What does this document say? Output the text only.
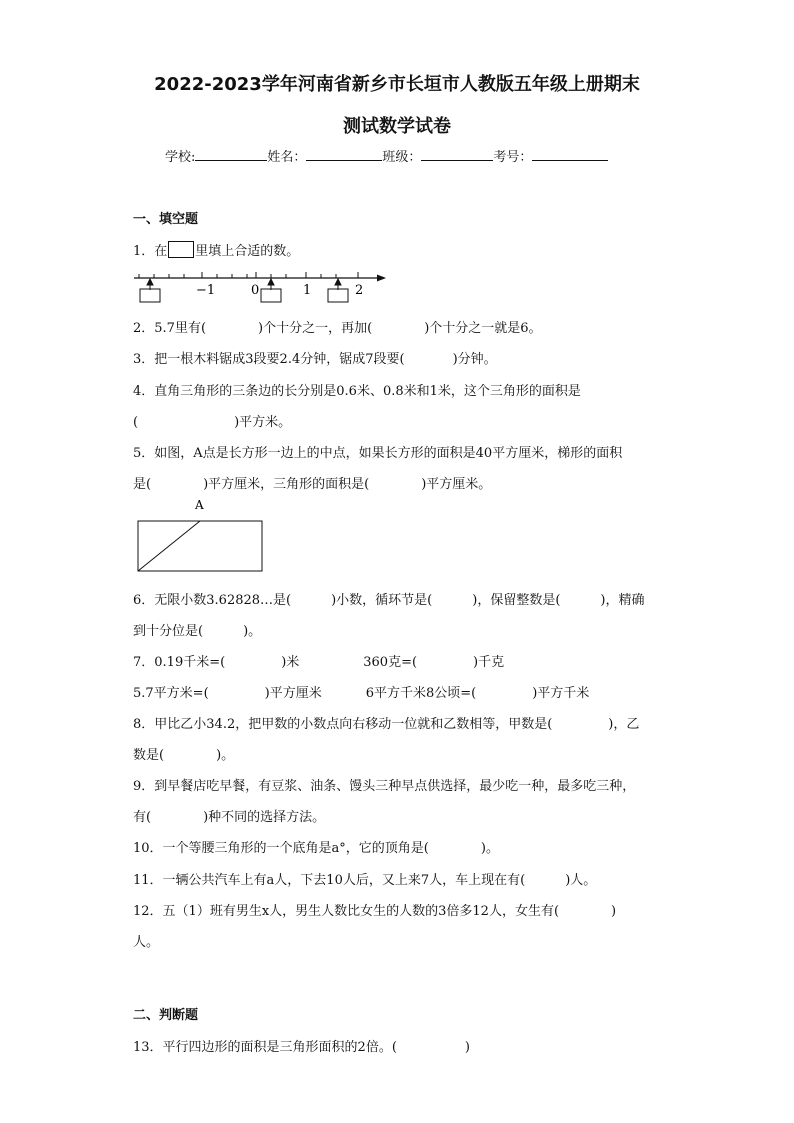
2022-2023学年河南省新乡市长垣市人教版五年级上册期末
测试数学试卷
学校:	姓名：	班级：	考号：
一、填空题
1．在 里填上合适的数。
−1	0	1	2
2．5.7里有(	)个十分之一，再加(	)个十分之一就是6。
3．把一根木料锯成3段要2.4分钟，锯成7段要(	)分钟。
4．直角三角形的三条边的长分别是0.6米、0.8米和1米，这个三角形的面积是
(	)平方米。
5．如图，A点是长方形一边上的中点，如果长方形的面积是40平方厘米，梯形的面积
是(	)平方厘米，三角形的面积是(	)平方厘米。
A
6．无限小数3.62828…是(	)小数，循环节是(	)，保留整数是(	)，精确
到十分位是(	)。
7．0.19千米=(	)米	360克=(	)千克
5.7平方米=(	)平方厘米	6平方千米8公顷=(	)平方千米
8．甲比乙小34.2，把甲数的小数点向右移动一位就和乙数相等，甲数是(	)，乙
数是(	)。
9．到早餐店吃早餐，有豆浆、油条、馒头三种早点供选择，最少吃一种，最多吃三种，
有(	)种不同的选择方法。
10．一个等腰三角形的一个底角是a°，它的顶角是(	)。
11．一辆公共汽车上有a人，下去10人后，又上来7人，车上现在有(	)人。
12．五（1）班有男生x人，男生人数比女生的人数的3倍多12人，女生有(	)
人。
二、判断题
13．平行四边形的面积是三角形面积的2倍。(	)
